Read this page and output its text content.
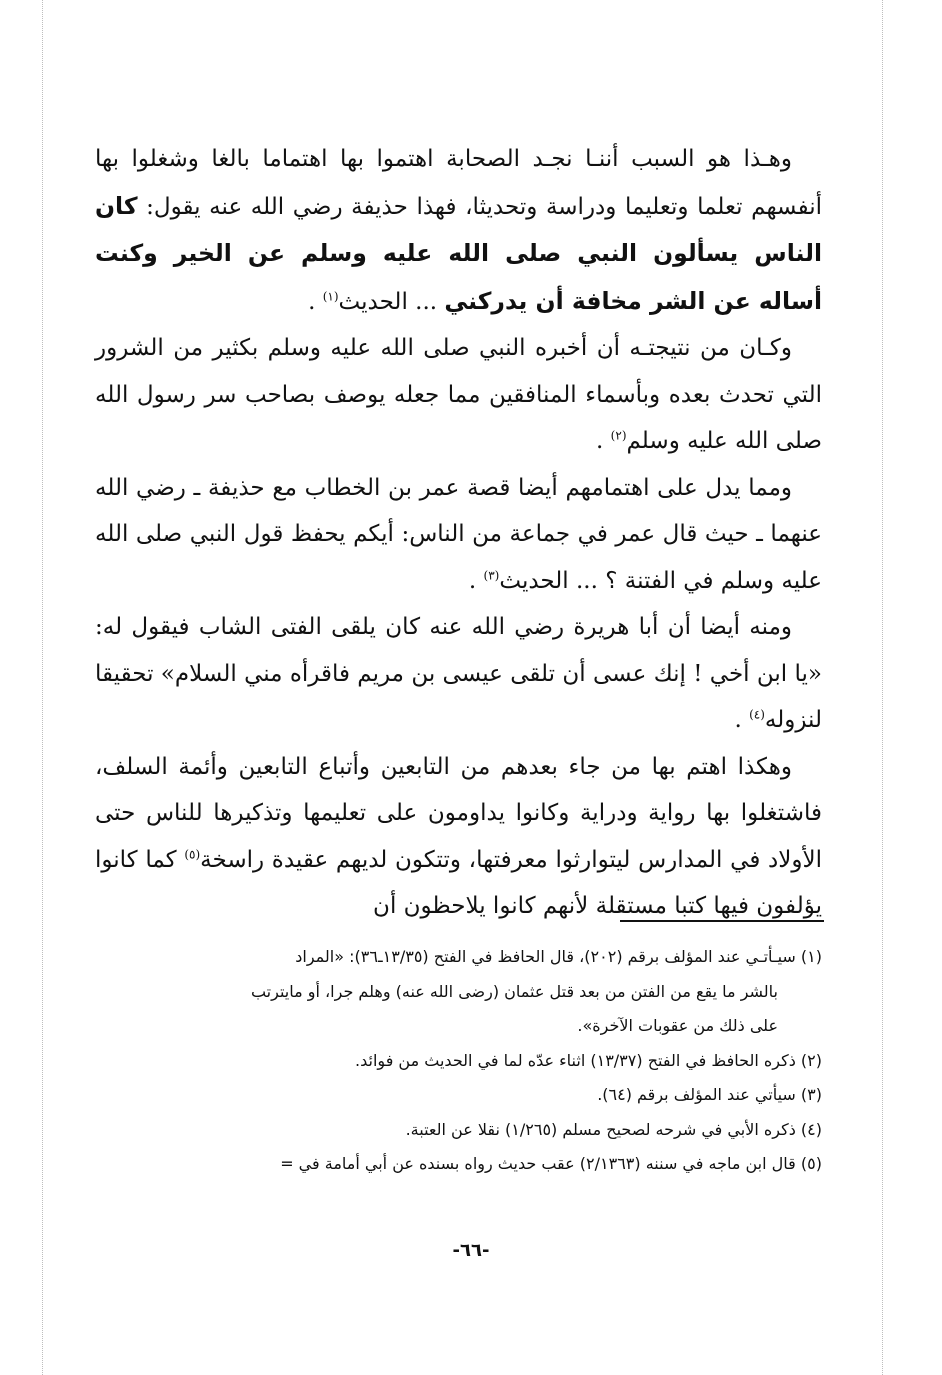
وهـذا هو السبب أننـا نجـد الصحابة اهتموا بها اهتماما بالغا وشغلوا بها أنفسهم تعلما وتعليما ودراسة وتحديثا، فهذا حذيفة رضي الله عنه يقول: كان الناس يسألون النبي صلى الله عليه وسلم عن الخير وكنت أساله عن الشر مخافة أن يدركني ... الحديث$^{(١)}$ .

وكـان من نتيجتـه أن أخبره النبي صلى الله عليه وسلم بكثير من الشرور التي تحدث بعده وبأسماء المنافقين مما جعله يوصف بصاحب سر رسول الله صلى الله عليه وسلم$^{(٢)}$ .

ومما يدل على اهتمامهم أيضا قصة عمر بن الخطاب مع حذيفة ـ رضي الله عنهما ـ حيث قال عمر في جماعة من الناس: أيكم يحفظ قول النبي صلى الله عليه وسلم في الفتنة ؟ ... الحديث$^{(٣)}$ .

ومنه أيضا أن أبا هريرة رضي الله عنه كان يلقى الفتى الشاب فيقول له: «يا ابن أخي ! إنك عسى أن تلقى عيسى بن مريم فاقرأه مني السلام» تحقيقا لنزوله$^{(٤)}$ .

وهكذا اهتم بها من جاء بعدهم من التابعين وأتباع التابعين وأئمة السلف، فاشتغلوا بها رواية ودراية وكانوا يداومون على تعليمها وتذكيرها للناس حتى الأولاد في المدارس ليتوارثوا معرفتها، وتتكون لديهم عقيدة راسخة$^{(٥)}$ كما كانوا يؤلفون فيها كتبا مستقلة لأنهم كانوا يلاحظون أن

(١) سيـأتـي عند المؤلف برقم (٢٠٢)، قال الحافظ في الفتح (١٣/٣٥ـ٣٦): «المراد

بالشر ما يقع من الفتن من بعد قتل عثمان (رضى الله عنه) وهلم جرا، أو مايترتب

على ذلك من عقوبات الآخرة».

(٢) ذكره الحافظ في الفتح (١٣/٣٧) اثناء عدّه لما في الحديث من فوائد.

(٣) سيأتي عند المؤلف برقم (٦٤).

(٤) ذكره الأبي في شرحه لصحيح مسلم (١/٢٦٥) نقلا عن العتبة.

(٥) قال ابن ماجه في سننه (٢/١٣٦٣) عقب حديث رواه بسنده عن أبي أمامة في =

-٦٦-
